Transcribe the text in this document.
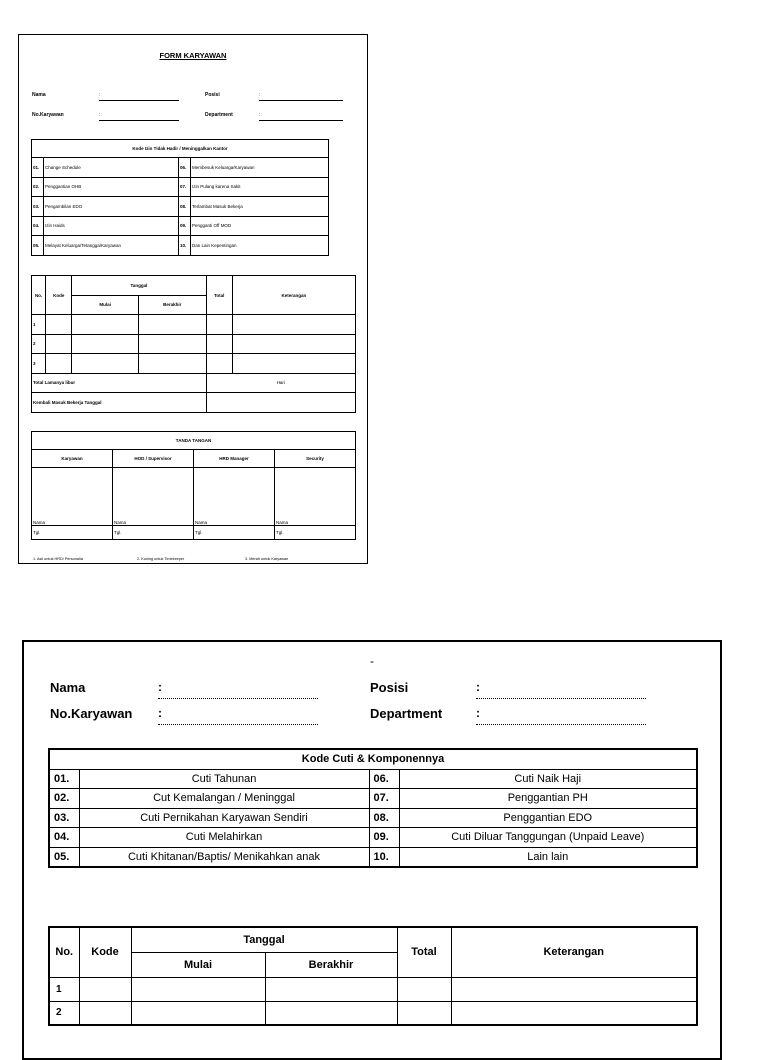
FORM KARYAWAN
Nama	:
No.Karyawan	:
Posisi	:
Department	:
Kode Izin Tidak Hadir / Meninggalkan Kantor			
01.	Change Schedule	06.	Membesuk Keluarga/Karyawan
02.	Penggantian OHB	07.	Izin Pulang karena Sakit
03.	Pengambilan EDO	08.	Terlambat Masuk Bekerja
04.	Izin Haids	09.	Pengganti Off MOD
05.	Melayat Keluarga/Tetangga/Karyawan	10.	Dan Lain Kepentingan
No.	Kode	Tanggal		Total	Keterangan
		Mulai	Berakhir		
1					
2					
3					
Total Lamanya libur				Hari	
Kembali Masuk Bekerja Tanggal					
TANDA TANGAN			
Karyawan	HOD / Supervisor	HRD Manager	Security
Nama	Nama	Nama	Nama
Tgl.	Tgl.	Tgl.	Tgl.
1. Asli untuk HRD/ Personalia	2. Kuning untuk Timekeeper	3. Merah untuk Karyawan
-
Nama	:
No.Karyawan :
Posisi	:
Department	:
Kode Cuti & Komponennya			
01.	Cuti Tahunan	06.	Cuti Naik Haji
02.	Cut Kemalangan / Meninggal	07.	Penggantian PH
03.	Cuti Pernikahan Karyawan Sendiri	08.	Penggantian EDO
04.	Cuti Melahirkan	09.	Cuti Diluar Tanggungan (Unpaid Leave)
05.	Cuti Khitanan/Baptis/ Menikahkan anak	10.	Lain lain
No.	Kode	Tanggal		Total	Keterangan
		Mulai	Berakhir		
1					
2					
